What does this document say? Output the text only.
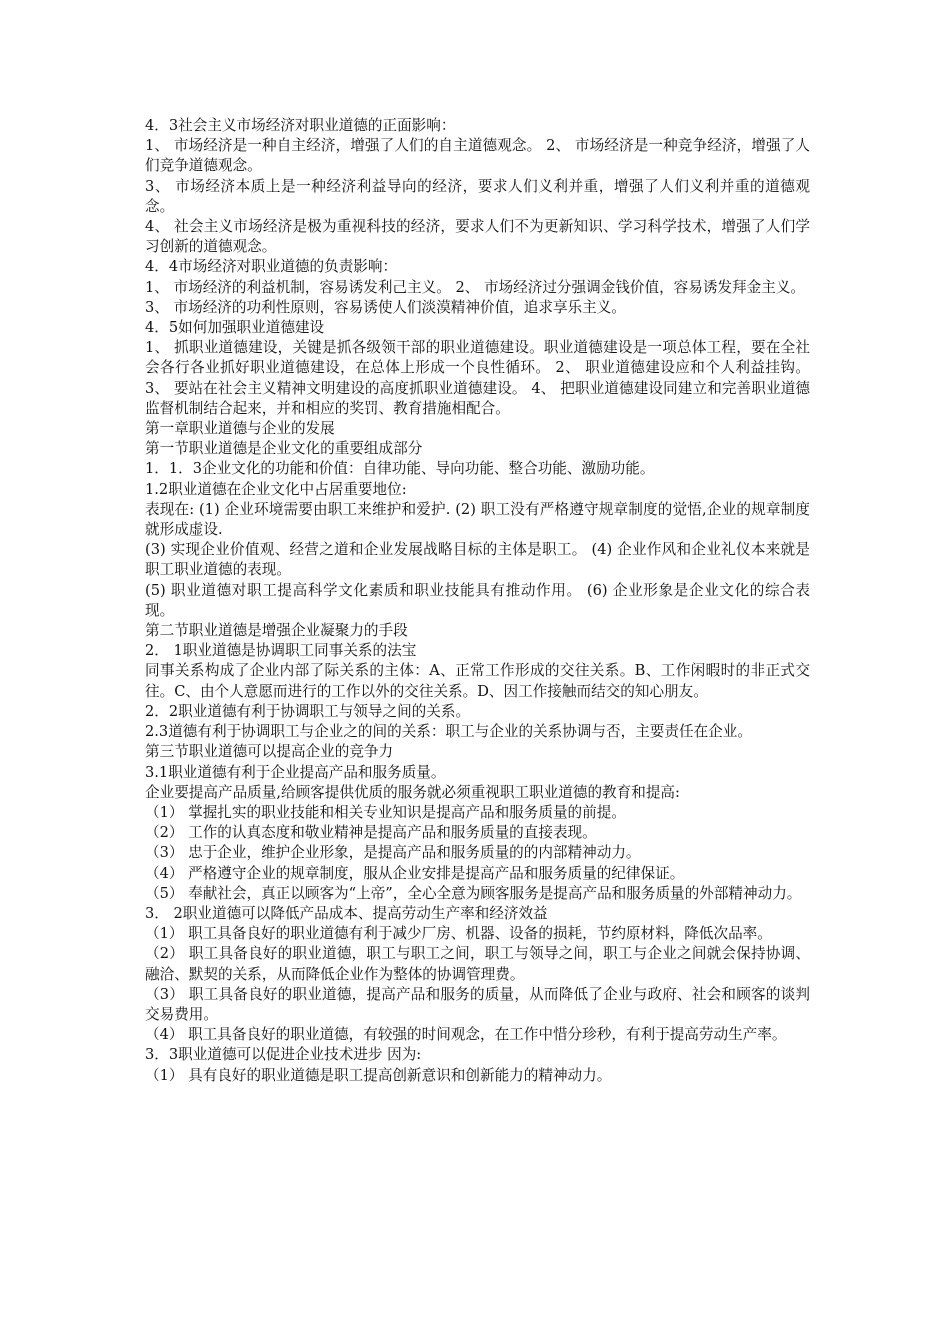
4．3社会主义市场经济对职业道德的正面影响：

1、 市场经济是一种自主经济，增强了人们的自主道德观念。 2、 市场经济是一种竞争经济，增强了人们竞争道德观念。

3、 市场经济本质上是一种经济利益导向的经济，要求人们义利并重，增强了人们义利并重的道德观念。

4、 社会主义市场经济是极为重视科技的经济，要求人们不为更新知识、学习科学技术，增强了人们学习创新的道德观念。

4．4市场经济对职业道德的负责影响：

1、 市场经济的利益机制，容易诱发利己主义。 2、 市场经济过分强调金钱价值，容易诱发拜金主义。

3、 市场经济的功利性原则，容易诱使人们淡漠精神价值，追求享乐主义。

4．5如何加强职业道德建设

1、 抓职业道德建设，关键是抓各级领干部的职业道德建设。职业道德建设是一项总体工程，要在全社会各行各业抓好职业道德建设，在总体上形成一个良性循环。 2、 职业道德建设应和个人利益挂钩。 3、 要站在社会主义精神文明建设的高度抓职业道德建设。 4、 把职业道德建设同建立和完善职业道德监督机制结合起来，并和相应的奖罚、教育措施相配合。

第一章职业道德与企业的发展

第一节职业道德是企业文化的重要组成部分

1．1．3企业文化的功能和价值：自律功能、导向功能、整合功能、激励功能。

1.2职业道德在企业文化中占居重要地位:

表现在: (1) 企业环境需要由职工来维护和爱护. (2) 职工没有严格遵守规章制度的觉悟,企业的规章制度就形成虚设.

(3) 实现企业价值观、经营之道和企业发展战略目标的主体是职工。 (4) 企业作风和企业礼仪本来就是职工职业道德的表现。

(5) 职业道德对职工提高科学文化素质和职业技能具有推动作用。 (6) 企业形象是企业文化的综合表现。

第二节职业道德是增强企业凝聚力的手段

2． 1职业道德是协调职工同事关系的法宝

同事关系构成了企业内部了际关系的主体：A、正常工作形成的交往关系。B、工作闲暇时的非正式交往。C、由个人意愿而进行的工作以外的交往关系。D、因工作接触而结交的知心朋友。

2．2职业道德有利于协调职工与领导之间的关系。

2.3道德有利于协调职工与企业之的间的关系：职工与企业的关系协调与否，主要责任在企业。

第三节职业道德可以提高企业的竞争力

3.1职业道德有利于企业提高产品和服务质量。

企业要提高产品质量,给顾客提供优质的服务就必须重视职工职业道德的教育和提高:

（1） 掌握扎实的职业技能和相关专业知识是提高产品和服务质量的前提。

（2） 工作的认真态度和敬业精神是提高产品和服务质量的直接表现。

（3） 忠于企业，维护企业形象，是提高产品和服务质量的的内部精神动力。

（4） 严格遵守企业的规章制度，服从企业安排是提高产品和服务质量的纪律保证。

（5） 奉献社会，真正以顾客为“上帝”，全心全意为顾客服务是提高产品和服务质量的外部精神动力。

3． 2职业道德可以降低产品成本、提高劳动生产率和经济效益

（1） 职工具备良好的职业道德有利于减少厂房、机器、设备的损耗，节约原材料，降低次品率。

（2） 职工具备良好的职业道德，职工与职工之间，职工与领导之间，职工与企业之间就会保持协调、融洽、默契的关系，从而降低企业作为整体的协调管理费。

（3） 职工具备良好的职业道德，提高产品和服务的质量，从而降低了企业与政府、社会和顾客的谈判交易费用。

（4） 职工具备良好的职业道德，有较强的时间观念，在工作中惜分珍秒，有利于提高劳动生产率。

3．3职业道德可以促进企业技术进步 因为:

（1） 具有良好的职业道德是职工提高创新意识和创新能力的精神动力。
